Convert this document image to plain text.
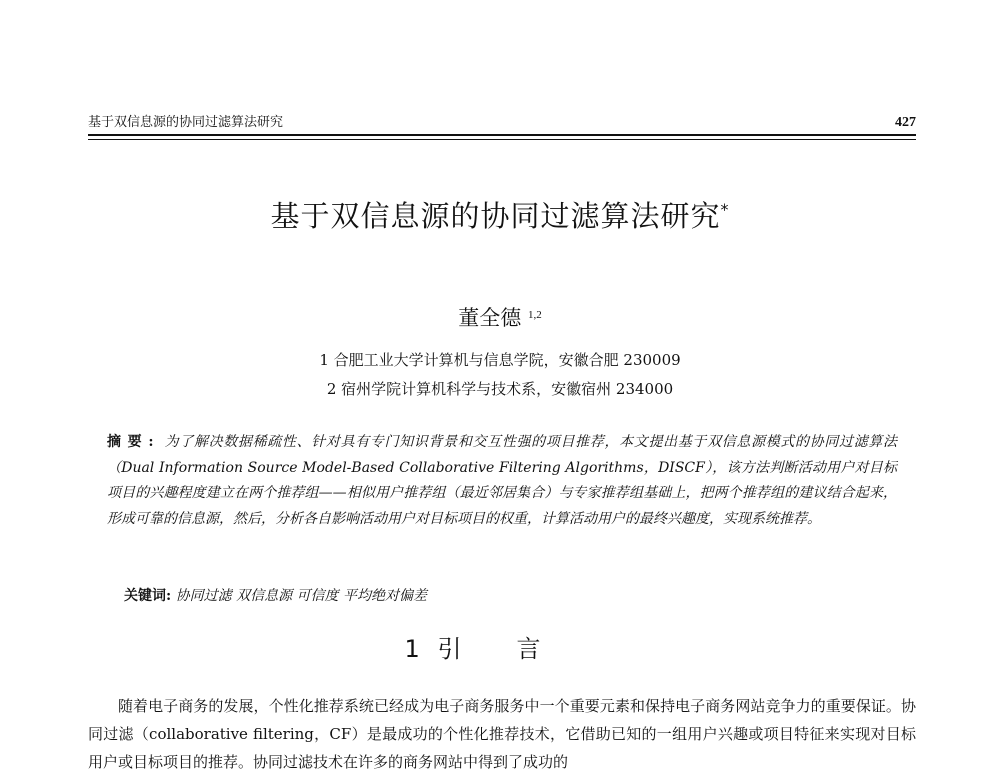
基于双信息源的协同过滤算法研究	427
基于双信息源的协同过滤算法研究*
董全德 $^{1,2}$
1 合肥工业大学计算机与信息学院，安徽合肥 230009
2 宿州学院计算机科学与技术系，安徽宿州 234000
摘要: 为了解决数据稀疏性、针对具有专门知识背景和交互性强的项目推荐，本文提出基于双信息源模式的协同过滤算法（Dual Information Source Model-Based Collaborative Filtering Algorithms，DISCF），该方法判断活动用户对目标项目的兴趣程度建立在两个推荐组——相似用户推荐组（最近邻居集合）与专家推荐组基础上，把两个推荐组的建议结合起来，形成可靠的信息源，然后，分析各自影响活动用户对目标项目的权重，计算活动用户的最终兴趣度，实现系统推荐。
关键词: 协同过滤 双信息源 可信度 平均绝对偏差
1 引言
随着电子商务的发展，个性化推荐系统已经成为电子商务服务中一个重要元素和保持电子商务网站竞争力的重要保证。协同过滤（collaborative filtering，CF）是最成功的个性化推荐技术，它借助已知的一组用户兴趣或项目特征来实现对目标用户或目标项目的推荐。协同过滤技术在许多的商务网站中得到了成功的
